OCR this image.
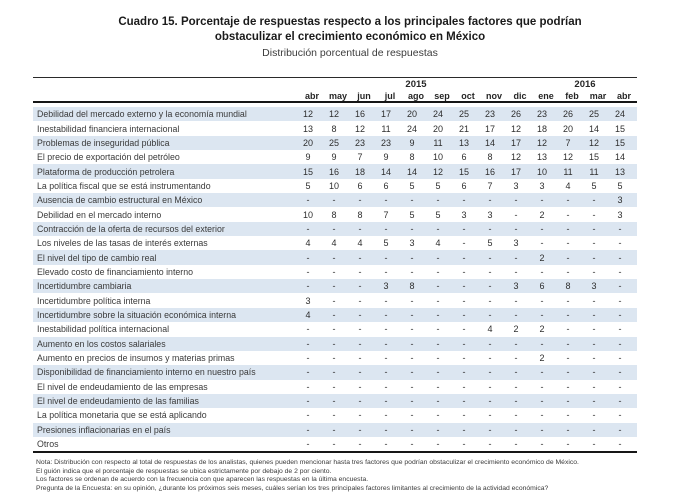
Cuadro 15. Porcentaje de respuestas respecto a los principales factores que podrían
obstaculizar el crecimiento económico en México
Distribución porcentual de respuestas
2015	2016
abr	may	jun	jul	ago	sep	oct	nov	dic	ene	feb	mar	abr
Debilidad del mercado externo y la economía mundial	12	12	16	17	20	24	25	23	26	23	26	25	24
Inestabilidad financiera internacional	13	8	12	11	24	20	21	17	12	18	20	14	15
Problemas de inseguridad pública	20	25	23	23	9	11	13	14	17	12	7	12	15
El precio de exportación del petróleo	9	9	7	9	8	10	6	8	12	13	12	15	14
Plataforma de producción petrolera	15	16	18	14	14	12	15	16	17	10	11	11	13
La política fiscal que se está instrumentando	5	10	6	6	5	5	6	7	3	3	4	5	5
Ausencia de cambio estructural en México	-	-	-	-	-	-	-	-	-	-	-	-	3
Debilidad en el mercado interno	10	8	8	7	5	5	3	3	-	2	-	-	3
Contracción de la oferta de recursos del exterior	-	-	-	-	-	-	-	-	-	-	-	-	-
Los niveles de las tasas de interés externas	4	4	4	5	3	4	-	5	3	-	-	-	-
El nivel del tipo de cambio real	-	-	-	-	-	-	-	-	-	2	-	-	-
Elevado costo de financiamiento interno	-	-	-	-	-	-	-	-	-	-	-	-	-
Incertidumbre cambiaria	-	-	-	3	8	-	-	-	3	6	8	3	-
Incertidumbre política interna	3	-	-	-	-	-	-	-	-	-	-	-	-
Incertidumbre sobre la situación económica interna	4	-	-	-	-	-	-	-	-	-	-	-	-
Inestabilidad política internacional	-	-	-	-	-	-	-	4	2	2	-	-	-
Aumento en los costos salariales	-	-	-	-	-	-	-	-	-	-	-	-	-
Aumento en precios de insumos y materias primas	-	-	-	-	-	-	-	-	-	2	-	-	-
Disponibilidad de financiamiento interno en nuestro país	-	-	-	-	-	-	-	-	-	-	-	-	-
El nivel de endeudamiento de las empresas	-	-	-	-	-	-	-	-	-	-	-	-	-
El nivel de endeudamiento de las familias	-	-	-	-	-	-	-	-	-	-	-	-	-
La política monetaria que se está aplicando	-	-	-	-	-	-	-	-	-	-	-	-	-
Presiones inflacionarias en el país	-	-	-	-	-	-	-	-	-	-	-	-	-
Otros	-	-	-	-	-	-	-	-	-	-	-	-	-
Nota: Distribución con respecto al total de respuestas de los analistas, quienes pueden mencionar hasta tres factores que podrían obstaculizar el crecimiento económico de México.
El guión indica que el porcentaje de respuestas se ubica estrictamente por debajo de 2 por ciento.
Los factores se ordenan de acuerdo con la frecuencia con que aparecen las respuestas en la última encuesta.
Pregunta de la Encuesta: en su opinión, ¿durante los próximos seis meses, cuáles serían los tres principales factores limitantes al crecimiento de la actividad económica?
